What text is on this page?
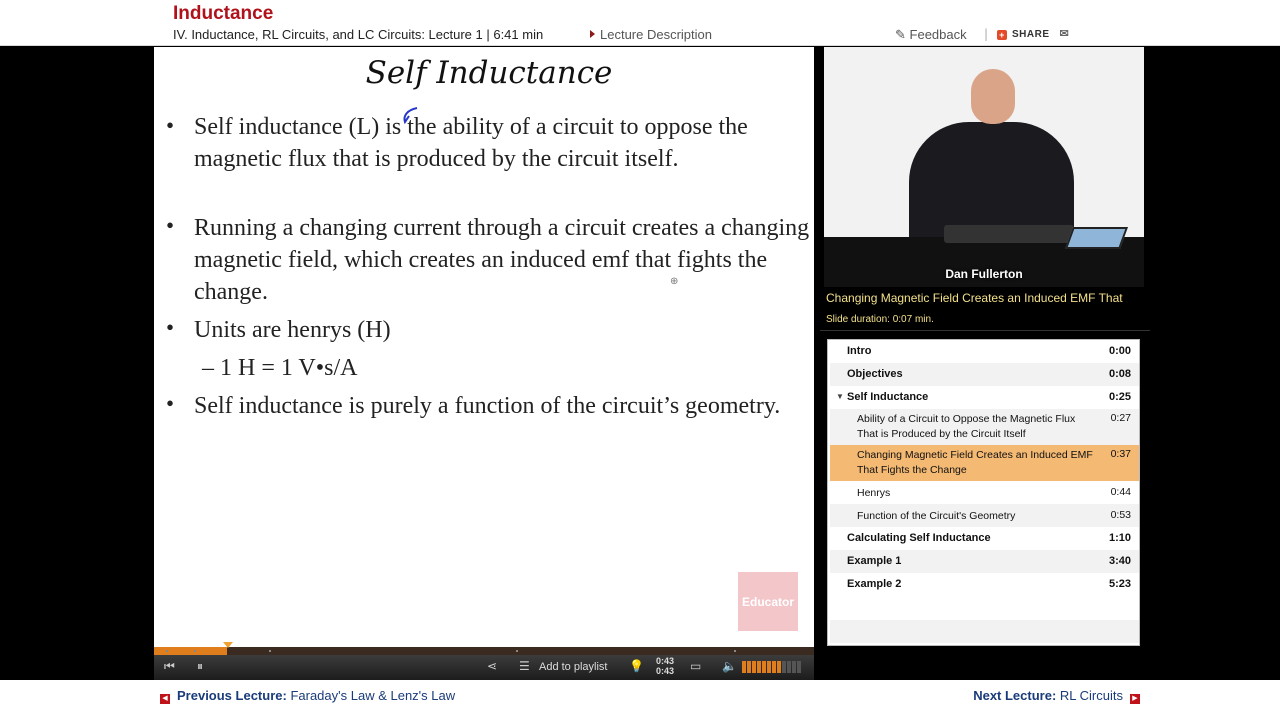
Inductance
IV. Inductance, RL Circuits, and LC Circuits: Lecture 1 | 6:41 min	Lecture Description	✎ Feedback | + SHARE ✉
Self Inductance
• Self inductance (L) is the ability of a circuit to oppose the magnetic flux that is produced by the circuit itself.
• Running a changing current through a circuit creates a changing magnetic field, which creates an induced emf that fights the change.
• Units are henrys (H)
– 1 H = 1 V•s/A
• Self inductance is purely a function of the circuit’s geometry.
⊕
Educator
⏮ ⏸	⋖ ☰ Add to playlist 💡 0:43
0:43 ▭ 🔈
Dan Fullerton
Changing Magnetic Field Creates an Induced EMF That
Slide duration: 0:07 min.
Intro	0:00
Objectives	0:08
▼ Self Inductance	0:25
Ability of a Circuit to Oppose the Magnetic Flux That is Produced by the Circuit Itself
0:27
Changing Magnetic Field Creates an Induced EMF That Fights the Change
0:37
Henrys	0:44
Function of the Circuit's Geometry	0:53
Calculating Self Inductance	1:10
Example 1	3:40
Example 2	5:23
◀ Previous Lecture: Faraday's Law & Lenz's Law	Next Lecture: RL Circuits ▶
